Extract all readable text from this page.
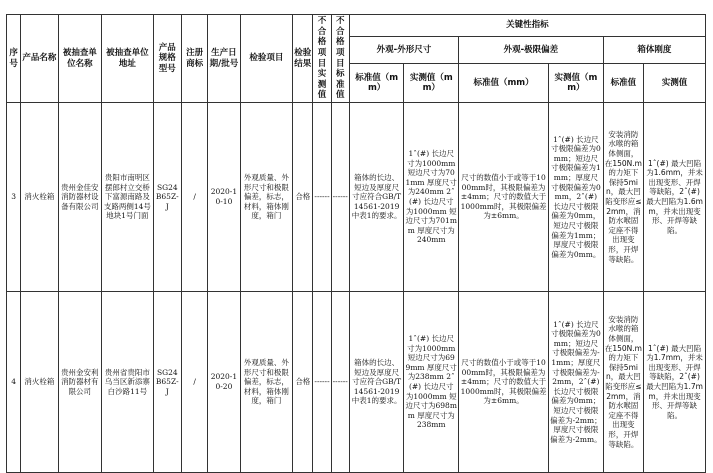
序号	产品名称	被抽查单位名称	被抽查单位地址	产品规格型号	注册商标	生产日期/批号	检验项目	检验结果	不合格项目实测值	不合格项目标准值	关键性指标					
											外观-外形尺寸		外观-极限偏差		箱体刚度	
											标准值（mm）	实测值（mm）	标准值（mm）	实测值（mm）	标准值	实测值
3	消火栓箱	贵州金佳安消防器材设备有限公司	贵阳市南明区摆郎村立交桥下富源南路及支路两侧14号地块1号门面	SG24B65Z-J	/	2020-10-10	外观质量、外形尺寸和极限偏差，标志，材料，箱体刚度，箱门	合格	------	------	箱体的长边、短边及厚度尺寸应符合GB/T14561-2019 中表1的要求。	1ˆ(#) 长边尺寸为1000mm 短边尺寸为701mm 厚度尺寸为240mm 2ˆ(#) 长边尺寸为1000mm 短边尺寸为701mm 厚度尺寸为240mm	尺寸的数值小于或等于1000mm时，其极限偏差为±4mm；尺寸的数值大于1000mm时，其极限偏差为±6mm。	1ˆ(#) 长边尺寸极限偏差为0mm；短边尺寸极限偏差为1mm；厚度尺寸极限偏差为0mm，2ˆ(#) 长边尺寸极限偏差为0mm，短边尺寸极限偏差为1mm；厚度尺寸极限偏差为0mm。	安装消防水喉的箱体侧面，在150N.m的力矩下保持5min，最大凹陷变形应≤2mm，消防水喉固定座不得出现变形，开焊等缺陷。	1ˆ(#) 最大凹陷为1.6mm，并未出现变形、开焊等缺陷，2ˆ(#) 最大凹陷为1.6mm，并未出现变形、开焊等缺陷。
4	消火栓箱	贵州金安利消防器材有限公司	贵州省贵阳市乌当区新添寨白沙路11号	SG24B65Z-J	/	2020-10-20	外观质量、外形尺寸和极限偏差，标志，材料，箱体刚度，箱门	合格	------	------	箱体的长边、短边及厚度尺寸应符合GB/T14561-2019 中表1的要求。	1ˆ(#) 长边尺寸为1000mm 短边尺寸为699mm 厚度尺寸为238mm 2ˆ(#) 长边尺寸为1000mm 短边尺寸为698mm 厚度尺寸为238mm	尺寸的数值小于或等于1000mm时，其极限偏差为±4mm；尺寸的数值大于1000mm时，其极限偏差为±6mm。	1ˆ(#) 长边尺寸极限偏差为0mm；短边尺寸极限偏差为-1mm；厚度尺寸极限偏差为-2mm，2ˆ(#) 长边尺寸极限偏差为0mm；短边尺寸极限偏差为-2mm；厚度尺寸极限偏差为-2mm。	安装消防水喉的箱体侧面，在150N.m的力矩下保持5min，最大凹陷变形应≤2mm，消防水喉固定座不得出现变形，开焊等缺陷。	1ˆ(#) 最大凹陷为1.7mm，并未出现变形、开焊等缺陷，2ˆ(#) 最大凹陷为1.7mm，并未出现变形、开焊等缺陷。
